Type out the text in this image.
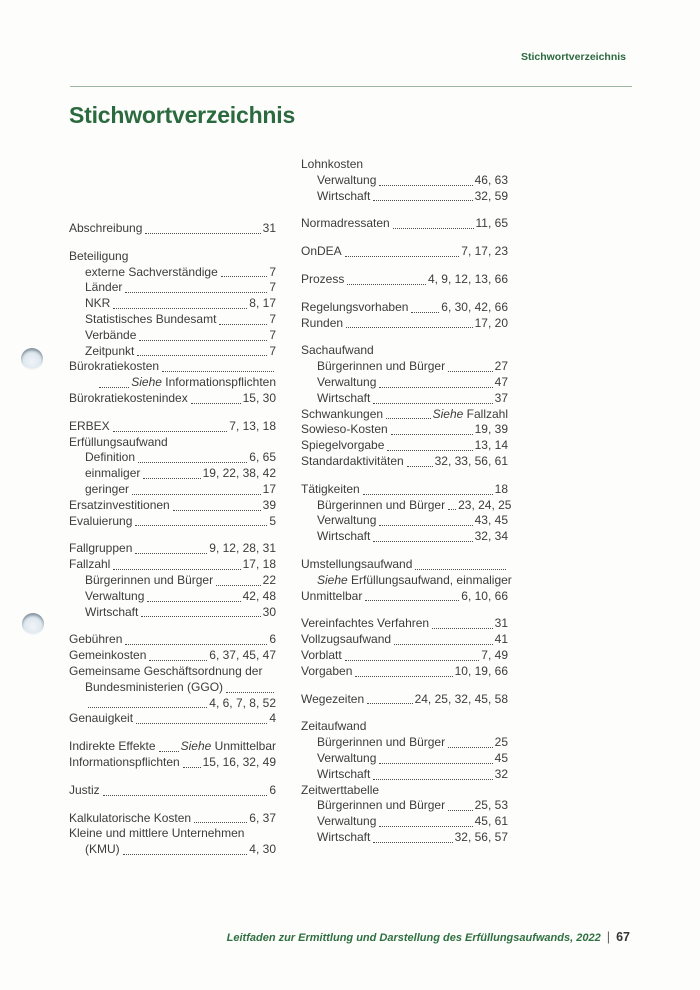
Stichwortverzeichnis
Stichwortverzeichnis
Abschreibung	31
Beteiligung
externe Sachverständige	7
Länder	7
NKR	8, 17
Statistisches Bundesamt	7
Verbände	7
Zeitpunkt	7
Bürokratiekosten
Siehe Informationspflichten
Bürokratiekostenindex	15, 30
ERBEX	7, 13, 18
Erfüllungsaufwand
Definition	6, 65
einmaliger	19, 22, 38, 42
geringer	17
Ersatzinvestitionen	39
Evaluierung	5
Fallgruppen	9, 12, 28, 31
Fallzahl	17, 18
Bürgerinnen und Bürger	22
Verwaltung	42, 48
Wirtschaft	30
Gebühren	6
Gemeinkosten	6, 37, 45, 47
Gemeinsame Geschäftsordnung der
Bundesministerien (GGO)
4, 6, 7, 8, 52
Genauigkeit	4
Indirekte Effekte Siehe Unmittelbar
Informationspflichten 15, 16, 32, 49
Justiz	6
Kalkulatorische Kosten	6, 37
Kleine und mittlere Unternehmen
(KMU)	4, 30
Lohnkosten
Verwaltung	46, 63
Wirtschaft	32, 59
Normadressaten	11, 65
OnDEA	7, 17, 23
Prozess	4, 9, 12, 13, 66
Regelungsvorhaben	6, 30, 42, 66
Runden	17, 20
Sachaufwand
Bürgerinnen und Bürger	27
Verwaltung	47
Wirtschaft	37
Schwankungen	Siehe Fallzahl
Sowieso-Kosten	19, 39
Spiegelvorgabe	13, 14
Standardaktivitäten	32, 33, 56, 61
Tätigkeiten	18
Bürgerinnen und Bürger 23, 24, 25
Verwaltung	43, 45
Wirtschaft	32, 34
Umstellungsaufwand
Siehe Erfüllungsaufwand, einmaliger
Unmittelbar	6, 10, 66
Vereinfachtes Verfahren	31
Vollzugsaufwand	41
Vorblatt	7, 49
Vorgaben	10, 19, 66
Wegezeiten	24, 25, 32, 45, 58
Zeitaufwand
Bürgerinnen und Bürger	25
Verwaltung	45
Wirtschaft	32
Zeitwerttabelle
Bürgerinnen und Bürger 25, 53
Verwaltung	45, 61
Wirtschaft	32, 56, 57
Leitfaden zur Ermittlung und Darstellung des Erfüllungsaufwands, 2022 | 67
